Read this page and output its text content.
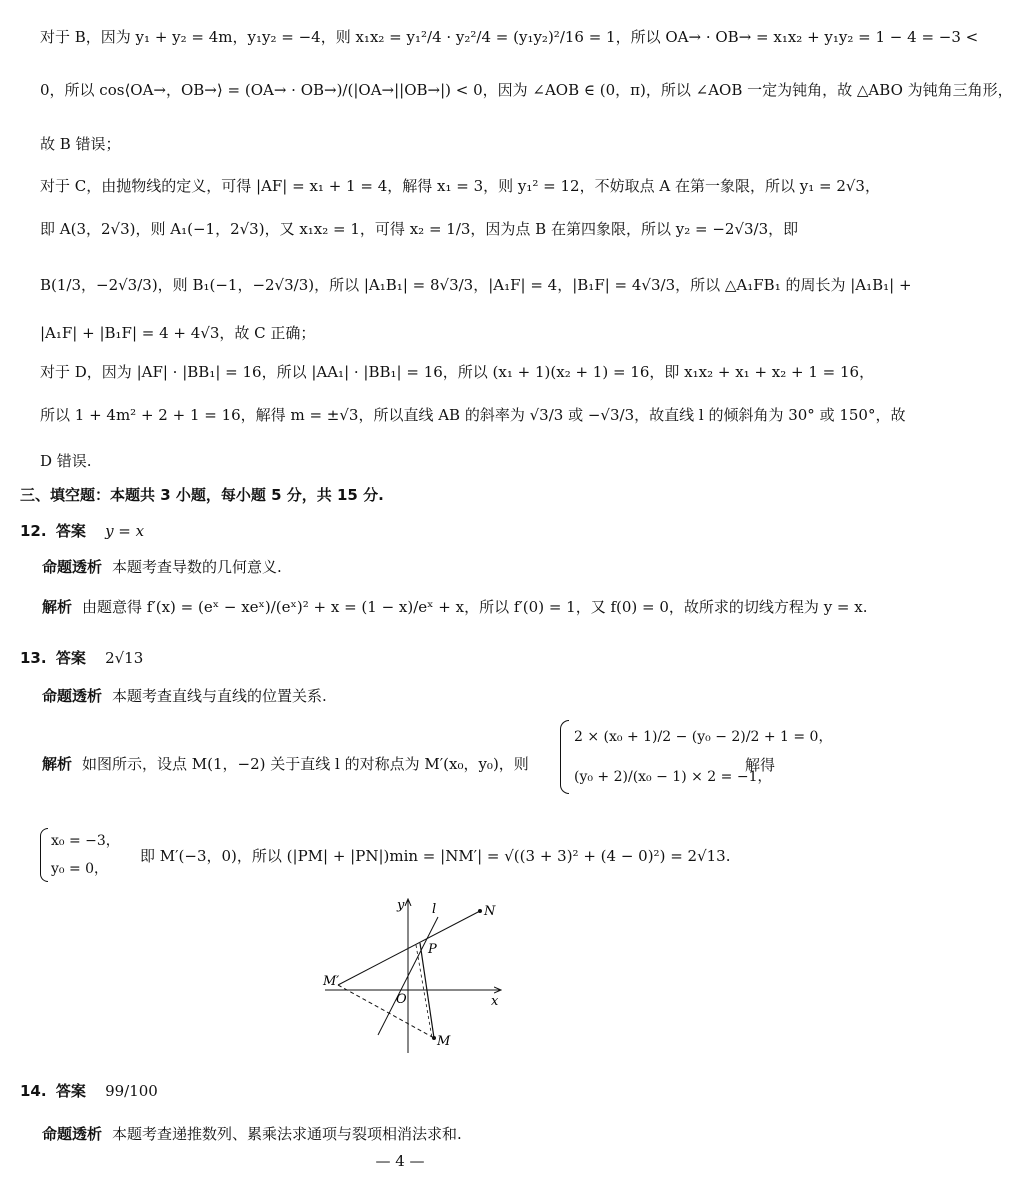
对于 B，因为 y₁ + y₂ = 4m，y₁y₂ = −4，则 x₁x₂ = y₁²/4 · y₂²/4 = (y₁y₂)²/16 = 1，所以 OA→ · OB→ = x₁x₂ + y₁y₂ = 1 − 4 = −3 <
0，所以 cos⟨OA→，OB→⟩ = (OA→ · OB→)/(|OA→||OB→|) < 0，因为 ∠AOB ∈ (0，π)，所以 ∠AOB 一定为钝角，故 △ABO 为钝角三角形，
故 B 错误；
对于 C，由抛物线的定义，可得 |AF| = x₁ + 1 = 4，解得 x₁ = 3，则 y₁² = 12，不妨取点 A 在第一象限，所以 y₁ = 2√3，
即 A(3，2√3)，则 A₁(−1，2√3)，又 x₁x₂ = 1，可得 x₂ = 1/3，因为点 B 在第四象限，所以 y₂ = −2√3/3，即
B(1/3，−2√3/3)，则 B₁(−1，−2√3/3)，所以 |A₁B₁| = 8√3/3，|A₁F| = 4，|B₁F| = 4√3/3，所以 △A₁FB₁ 的周长为 |A₁B₁| +
|A₁F| + |B₁F| = 4 + 4√3，故 C 正确；
对于 D，因为 |AF| · |BB₁| = 16，所以 |AA₁| · |BB₁| = 16，所以 (x₁ + 1)(x₂ + 1) = 16，即 x₁x₂ + x₁ + x₂ + 1 = 16，
所以 1 + 4m² + 2 + 1 = 16，解得 m = ±√3，所以直线 AB 的斜率为 √3/3 或 −√3/3，故直线 l 的倾斜角为 30° 或 150°，故
D 错误.
三、填空题：本题共 3 小题，每小题 5 分，共 15 分.
12. 答案 y = x
命题透析 本题考查导数的几何意义.
解析 由题意得 f′(x) = (eˣ − xeˣ)/(eˣ)² + x = (1 − x)/eˣ + x，所以 f′(0) = 1，又 f(0) = 0，故所求的切线方程为 y = x.
13. 答案 2√13
命题透析 本题考查直线与直线的位置关系.
解析 如图所示，设点 M(1，−2) 关于直线 l 的对称点为 M′(x₀，y₀)，则
2 × (x₀ + 1)/2 − (y₀ − 2)/2 + 1 = 0，
(y₀ + 2)/(x₀ − 1) × 2 = −1，
解得
x₀ = −3，
y₀ = 0，
即 M′(−3，0)，所以 (|PM| + |PN|)min = |NM′| = √((3 + 3)² + (4 − 0)²) = 2√13.
y
x
O
l	N
P
M
M′
14. 答案 99/100
命题透析 本题考查递推数列、累乘法求通项与裂项相消法求和.
— 4 —
